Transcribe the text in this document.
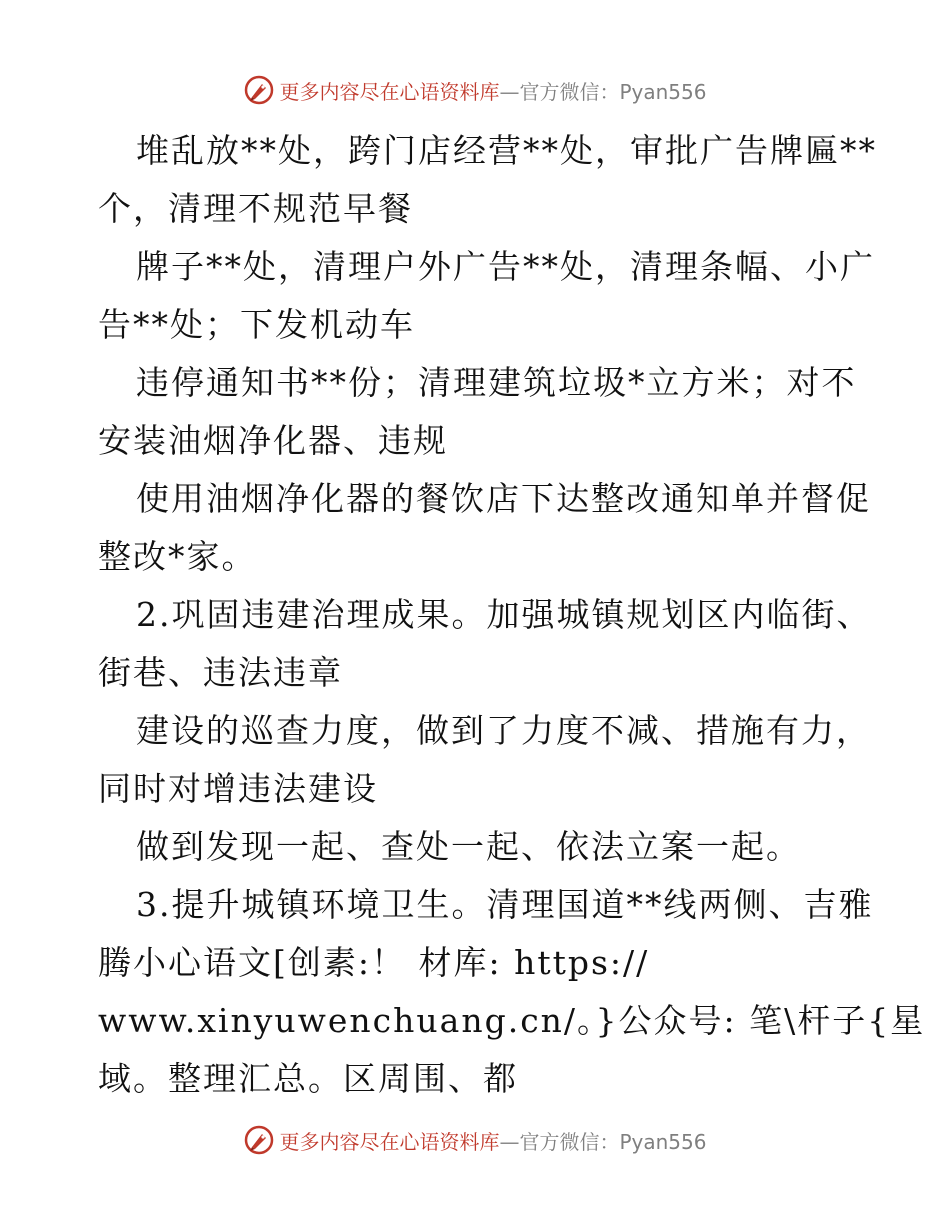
更多内容尽在心语资料库—官方微信：Pyan556
堆乱放**处，跨门店经营**处，审批广告牌匾**
个，清理不规范早餐
牌子**处，清理户外广告**处，清理条幅、小广
告**处；下发机动车
违停通知书**份；清理建筑垃圾*立方米；对不
安装油烟净化器、违规
使用油烟净化器的餐饮店下达整改通知单并督促
整改*家。
2.巩固违建治理成果。加强城镇规划区内临街、
街巷、违法违章
建设的巡查力度，做到了力度不减、措施有力，
同时对增违法建设
做到发现一起、查处一起、依法立案一起。
3.提升城镇环境卫生。清理国道**线两侧、吉雅
腾小心语文[创素:！ 材库: https://
www.xinyuwenchuang.cn/。}公众号: 笔\杆子{星
域。整理汇总。区周围、都
更多内容尽在心语资料库—官方微信：Pyan556
